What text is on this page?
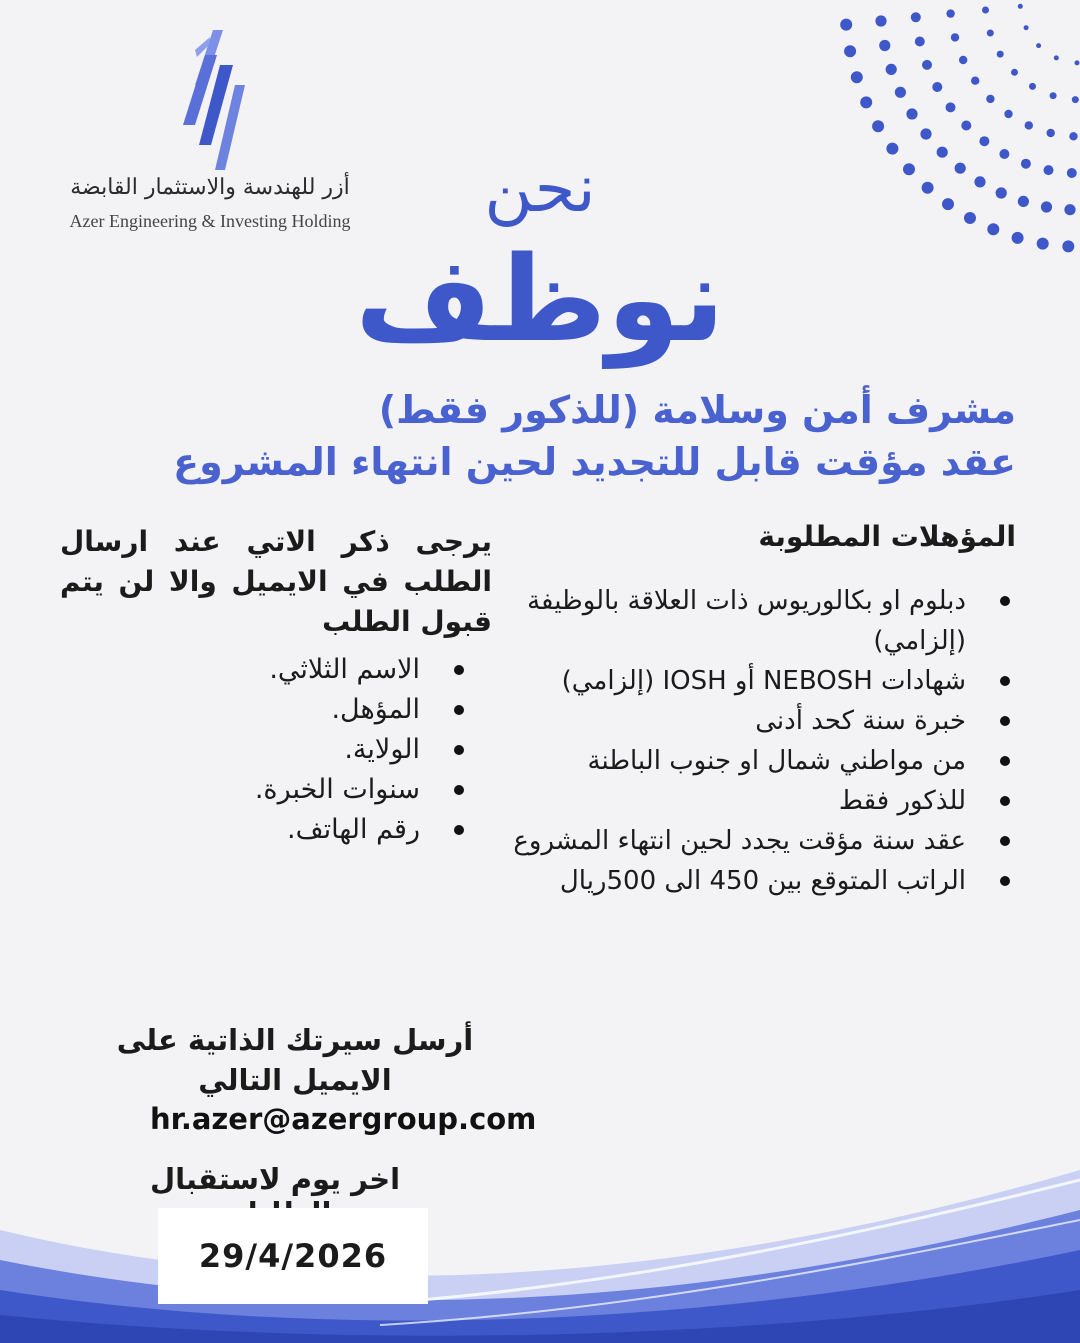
أزر للهندسة والاستثمار القابضة
Azer Engineering & Investing Holding	نحن
نوظف
مشرف أمن وسلامة (للذكور فقط)
عقد مؤقت قابل للتجديد لحين انتهاء المشروع
المؤهلات المطلوبة
دبلوم او بكالوريوس ذات العلاقة بالوظيفة (إلزامي)
شهادات NEBOSH أو IOSH (إلزامي)
خبرة سنة كحد أدنى
من مواطني شمال او جنوب الباطنة
للذكور فقط
عقد سنة مؤقت يجدد لحين انتهاء المشروع
الراتب المتوقع بين 450 الى 500ريال
يرجى ذكر الاتي عند ارسال الطلب في الايميل والا لن يتم قبول الطلب
الاسم الثلاثي.
المؤهل.
الولاية.
سنوات الخبرة.
رقم الهاتف.
أرسل سيرتك الذاتية على الايميل التالي
hr.azer@azergroup.com
اخر يوم لاستقبال
29/4/2026
